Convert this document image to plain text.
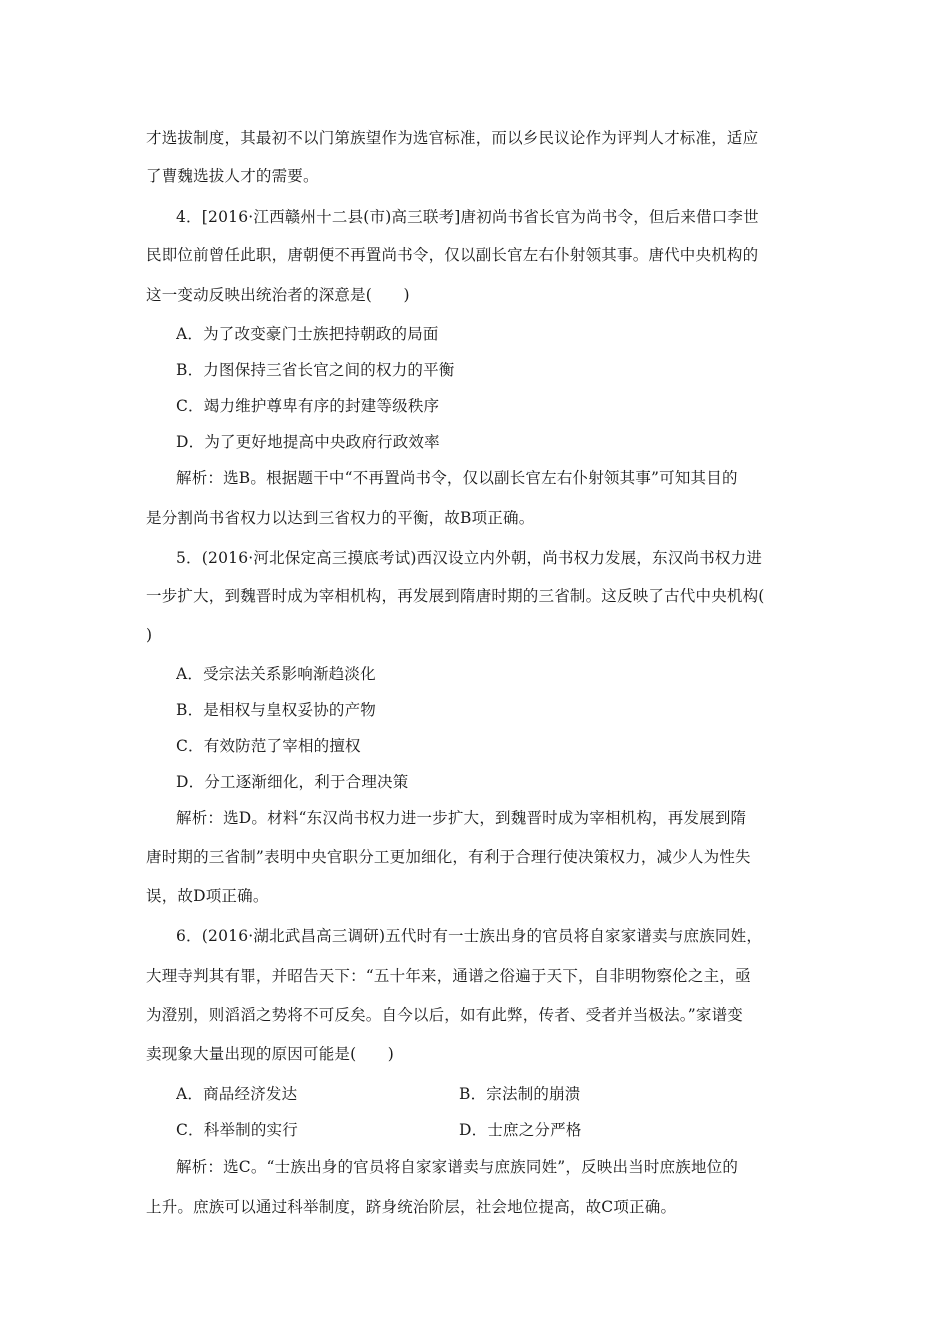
才选拔制度，其最初不以门第族望作为选官标准，而以乡民议论作为评判人才标准，适应
了曹魏选拔人才的需要。
4．[2016·江西赣州十二县(市)高三联考]唐初尚书省长官为尚书令，但后来借口李世
民即位前曾任此职，唐朝便不再置尚书令，仅以副长官左右仆射领其事。唐代中央机构的
这一变动反映出统治者的深意是(　　)
A．为了改变豪门士族把持朝政的局面
B．力图保持三省长官之间的权力的平衡
C．竭力维护尊卑有序的封建等级秩序
D．为了更好地提高中央政府行政效率
解析：选B。根据题干中“不再置尚书令，仅以副长官左右仆射领其事”可知其目的
是分割尚书省权力以达到三省权力的平衡，故B项正确。
5．(2016·河北保定高三摸底考试)西汉设立内外朝，尚书权力发展，东汉尚书权力进
一步扩大，到魏晋时成为宰相机构，再发展到隋唐时期的三省制。这反映了古代中央机构(
)
A．受宗法关系影响渐趋淡化
B．是相权与皇权妥协的产物
C．有效防范了宰相的擅权
D．分工逐渐细化，利于合理决策
解析：选D。材料“东汉尚书权力进一步扩大，到魏晋时成为宰相机构，再发展到隋
唐时期的三省制”表明中央官职分工更加细化，有利于合理行使决策权力，减少人为性失
误，故D项正确。
6．(2016·湖北武昌高三调研)五代时有一士族出身的官员将自家家谱卖与庶族同姓，
大理寺判其有罪，并昭告天下：“五十年来，通谱之俗遍于天下，自非明物察伦之主，亟
为澄别，则滔滔之势将不可反矣。自今以后，如有此弊，传者、受者并当极法。”家谱变
卖现象大量出现的原因可能是(　　)
A．商品经济发达	B．宗法制的崩溃
C．科举制的实行	D．士庶之分严格
解析：选C。“士族出身的官员将自家家谱卖与庶族同姓”，反映出当时庶族地位的
上升。庶族可以通过科举制度，跻身统治阶层，社会地位提高，故C项正确。
